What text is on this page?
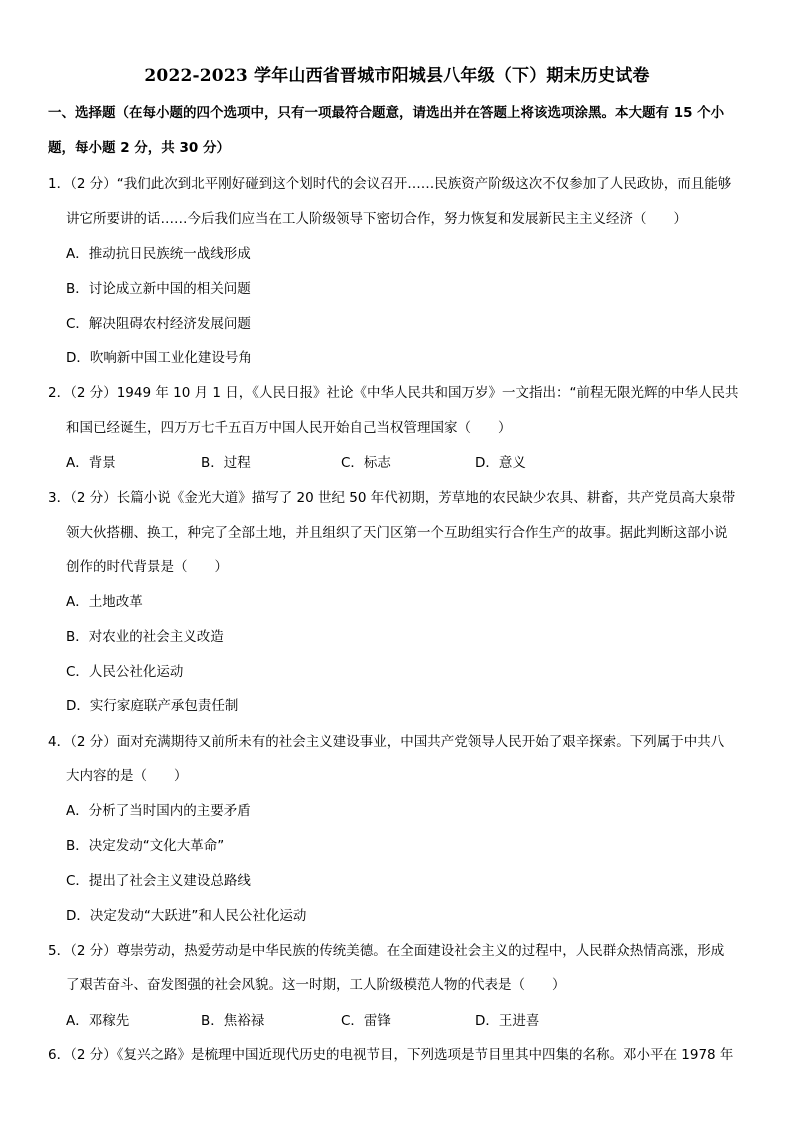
2022-2023 学年山西省晋城市阳城县八年级（下）期末历史试卷
一、选择题（在每小题的四个选项中，只有一项最符合题意，请选出并在答题上将该选项涂黑。本大题有 15 个小
题，每小题 2 分，共 30 分）
1．（2 分）“我们此次到北平刚好碰到这个划时代的会议召开……民族资产阶级这次不仅参加了人民政协，而且能够
讲它所要讲的话……今后我们应当在工人阶级领导下密切合作，努力恢复和发展新民主主义经济（　　）
A．推动抗日民族统一战线形成
B．讨论成立新中国的相关问题
C．解决阻碍农村经济发展问题
D．吹响新中国工业化建设号角
2．（2 分）1949 年 10 月 1 日，《人民日报》社论《中华人民共和国万岁》一文指出：“前程无限光辉的中华人民共
和国已经诞生，四万万七千五百万中国人民开始自己当权管理国家（　　）
A．背景	B．过程	C．标志	D．意义
3．（2 分）长篇小说《金光大道》描写了 20 世纪 50 年代初期，芳草地的农民缺少农具、耕畜，共产党员高大泉带
领大伙搭棚、换工，种完了全部土地，并且组织了天门区第一个互助组实行合作生产的故事。据此判断这部小说
创作的时代背景是（　　）
A．土地改革
B．对农业的社会主义改造
C．人民公社化运动
D．实行家庭联产承包责任制
4．（2 分）面对充满期待又前所未有的社会主义建设事业，中国共产党领导人民开始了艰辛探索。下列属于中共八
大内容的是（　　）
A．分析了当时国内的主要矛盾
B．决定发动“文化大革命”
C．提出了社会主义建设总路线
D．决定发动“大跃进”和人民公社化运动
5．（2 分）尊崇劳动，热爱劳动是中华民族的传统美德。在全面建设社会主义的过程中，人民群众热情高涨，形成
了艰苦奋斗、奋发图强的社会风貌。这一时期，工人阶级模范人物的代表是（　　）
A．邓稼先	B．焦裕禄	C．雷锋	D．王进喜
6．（2 分）《复兴之路》是梳理中国近现代历史的电视节目，下列选项是节目里其中四集的名称。邓小平在 1978 年
